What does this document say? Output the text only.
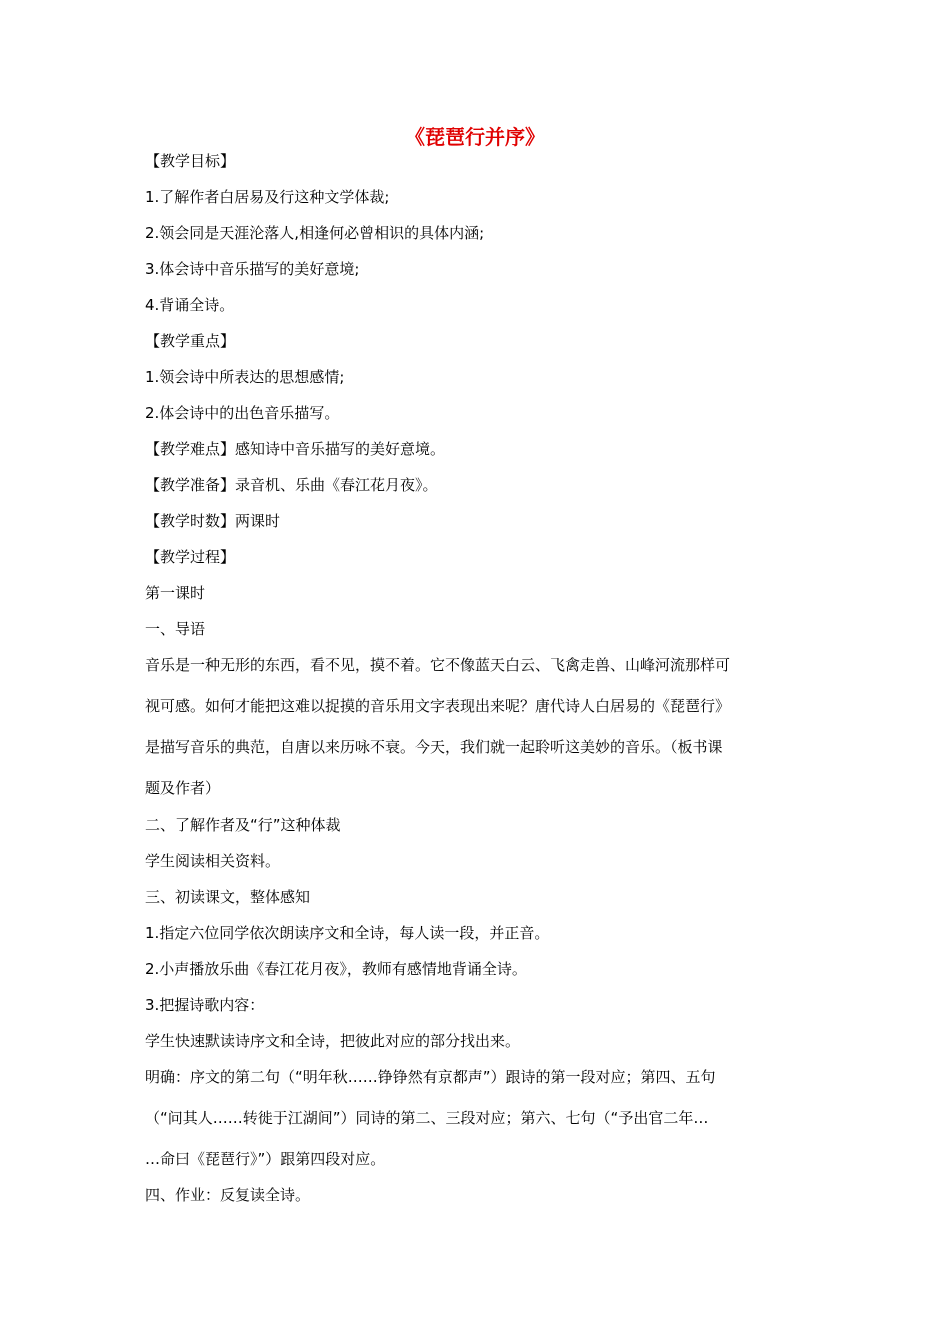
《琵琶行并序》
【教学目标】
1.了解作者白居易及行这种文学体裁;
2.领会同是天涯沦落人,相逢何必曾相识的具体内涵;
3.体会诗中音乐描写的美好意境;
4.背诵全诗。
【教学重点】
1.领会诗中所表达的思想感情;
2.体会诗中的出色音乐描写。
【教学难点】感知诗中音乐描写的美好意境。
【教学准备】录音机、乐曲《春江花月夜》。
【教学时数】两课时
【教学过程】
第一课时
一、导语
音乐是一种无形的东西，看不见，摸不着。它不像蓝天白云、飞禽走兽、山峰河流那样可
视可感。如何才能把这难以捉摸的音乐用文字表现出来呢？唐代诗人白居易的《琵琶行》
是描写音乐的典范，自唐以来历咏不衰。今天，我们就一起聆听这美妙的音乐。（板书课
题及作者）
二、了解作者及“行”这种体裁
学生阅读相关资料。
三、初读课文，整体感知
1.指定六位同学依次朗读序文和全诗，每人读一段，并正音。
2.小声播放乐曲《春江花月夜》，教师有感情地背诵全诗。
3.把握诗歌内容：
学生快速默读诗序文和全诗，把彼此对应的部分找出来。
明确：序文的第二句（“明年秋……铮铮然有京都声”）跟诗的第一段对应；第四、五句
（“问其人……转徙于江湖间”）同诗的第二、三段对应；第六、七句（“予出官二年…
…命曰《琵琶行》”）跟第四段对应。
四、作业：反复读全诗。
